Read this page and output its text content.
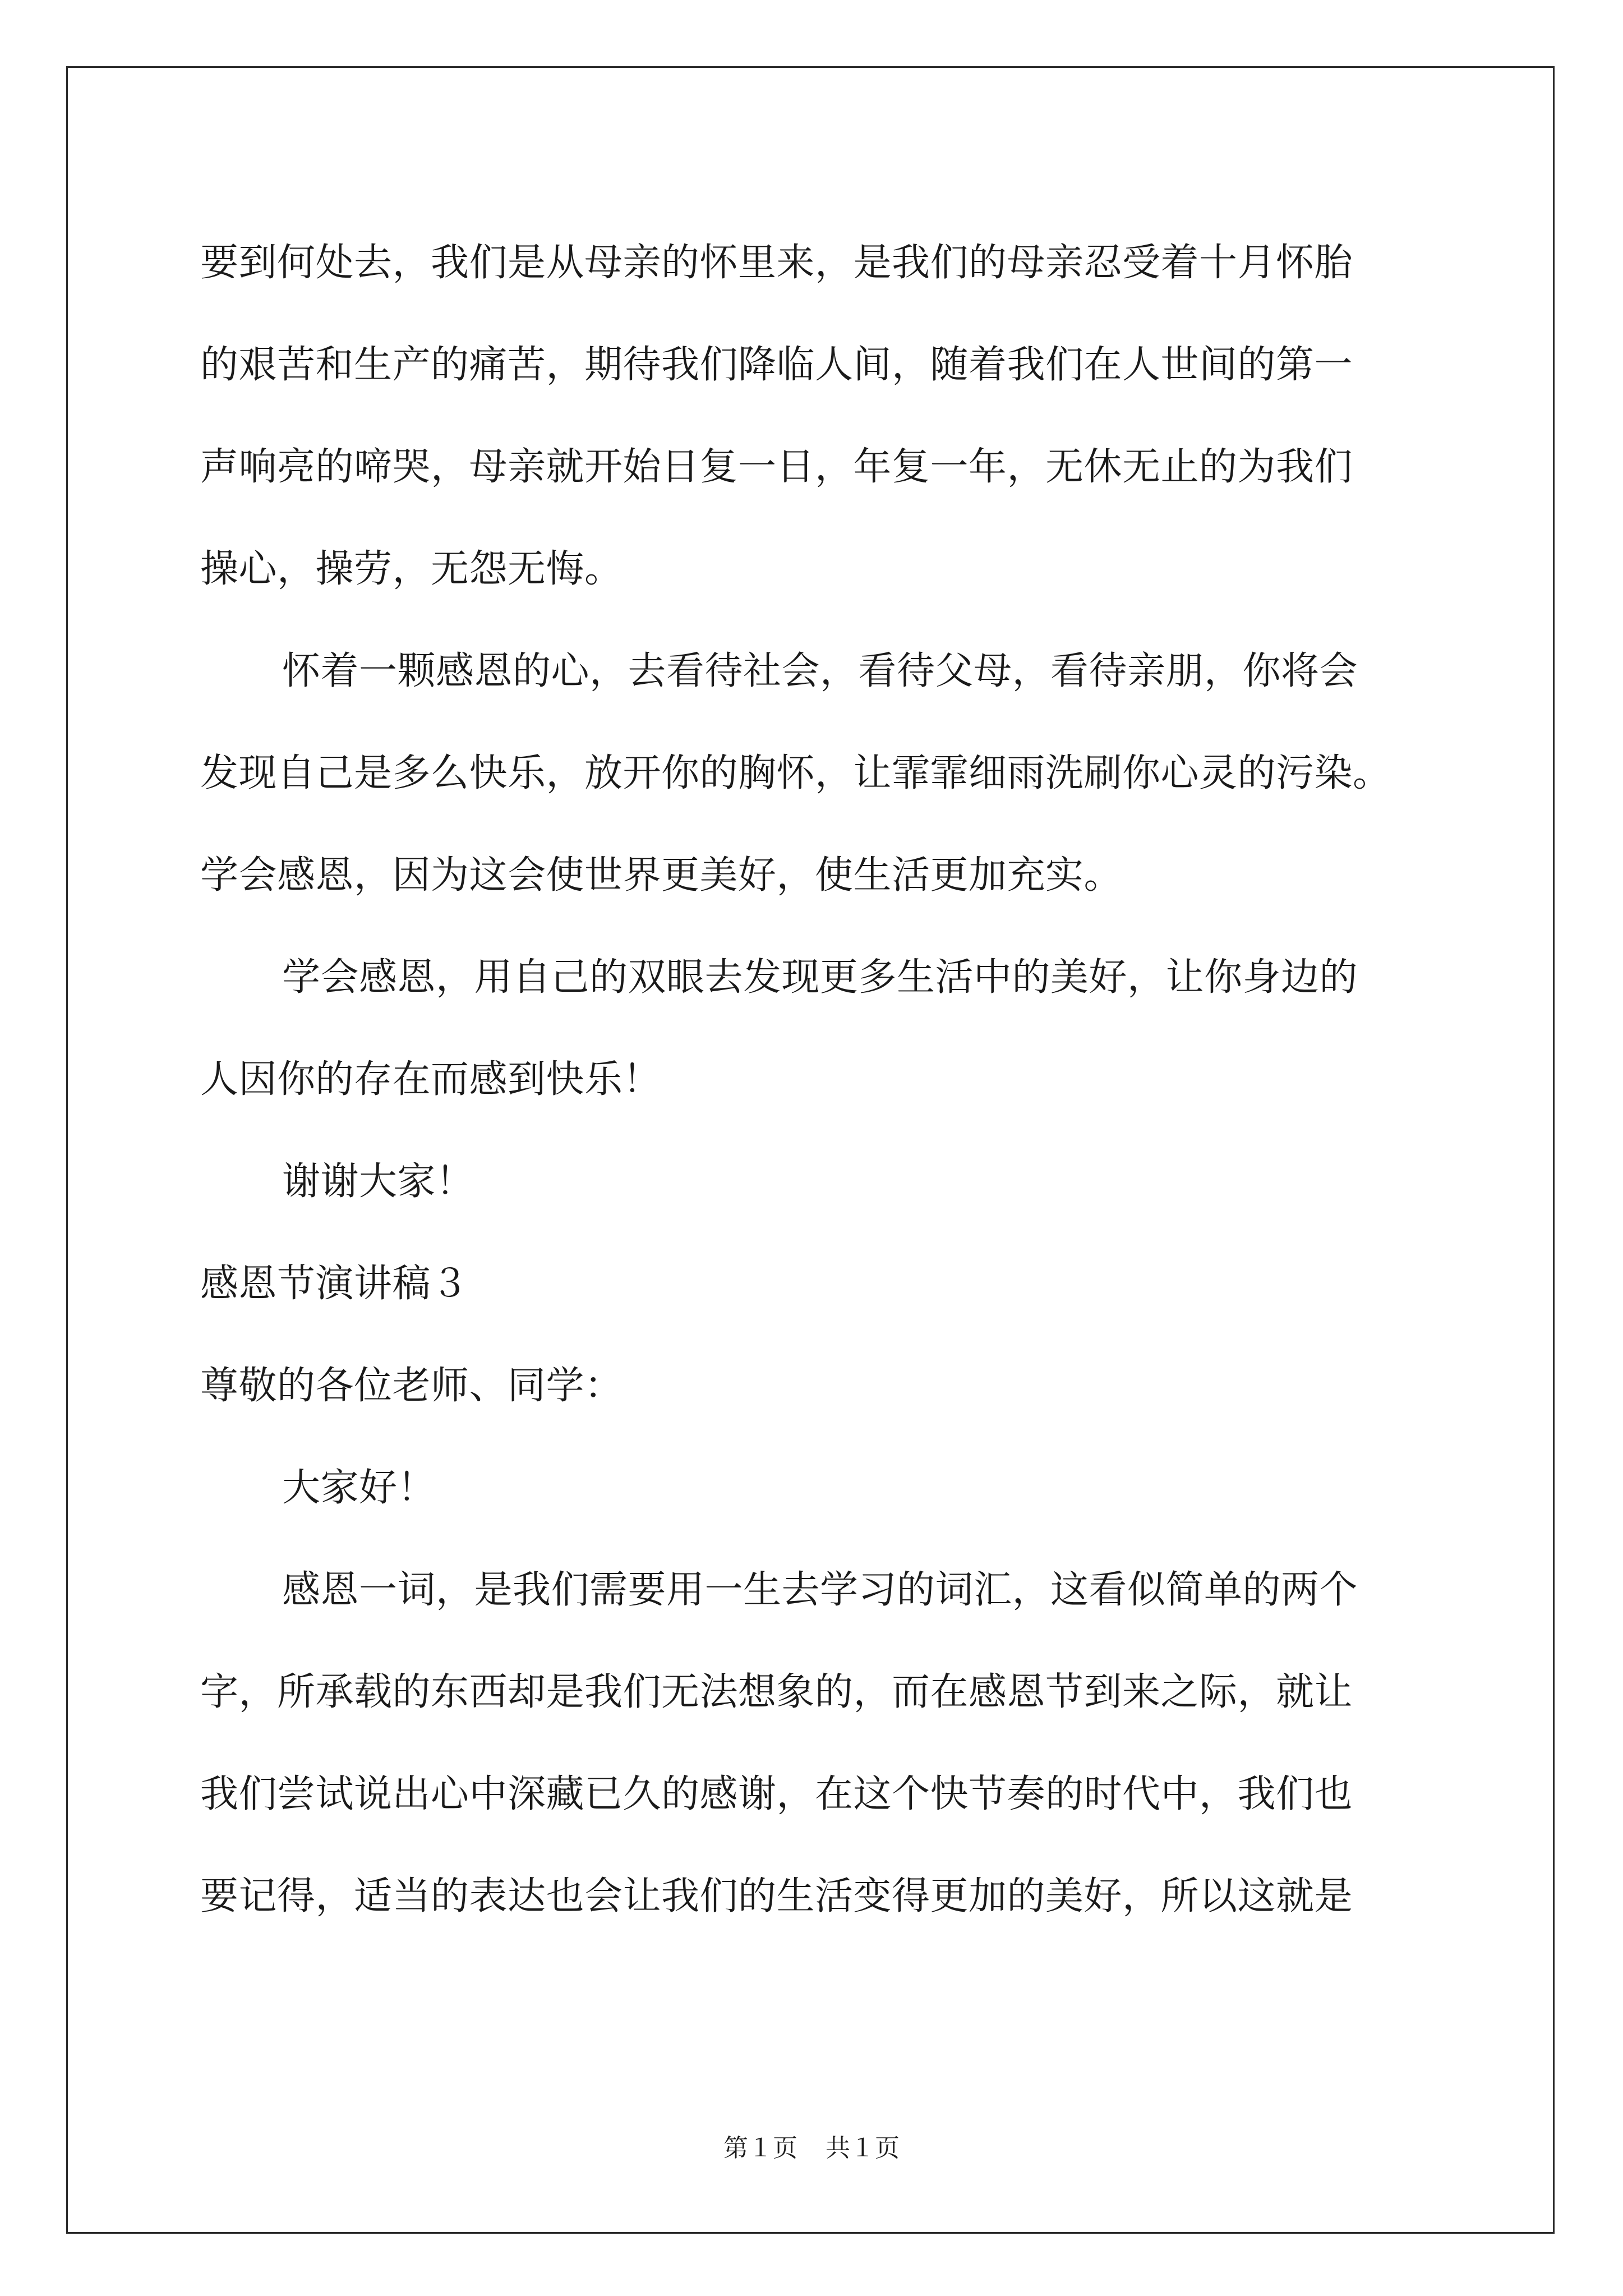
要到何处去，我们是从母亲的怀里来，是我们的母亲忍受着十月怀胎
的艰苦和生产的痛苦，期待我们降临人间，随着我们在人世间的第一
声响亮的啼哭，母亲就开始日复一日，年复一年，无休无止的为我们
操心，操劳，无怨无悔。
怀着一颗感恩的心，去看待社会，看待父母，看待亲朋，你将会
发现自己是多么快乐，放开你的胸怀，让霏霏细雨洗刷你心灵的污染。
学会感恩，因为这会使世界更美好，使生活更加充实。
学会感恩，用自己的双眼去发现更多生活中的美好，让你身边的
人因你的存在而感到快乐！
谢谢大家！
感恩节演讲稿３
尊敬的各位老师、同学：
大家好！
感恩一词，是我们需要用一生去学习的词汇，这看似简单的两个
字，所承载的东西却是我们无法想象的，而在感恩节到来之际，就让
我们尝试说出心中深藏已久的感谢，在这个快节奏的时代中，我们也
要记得，适当的表达也会让我们的生活变得更加的美好，所以这就是
第１页 共１页
